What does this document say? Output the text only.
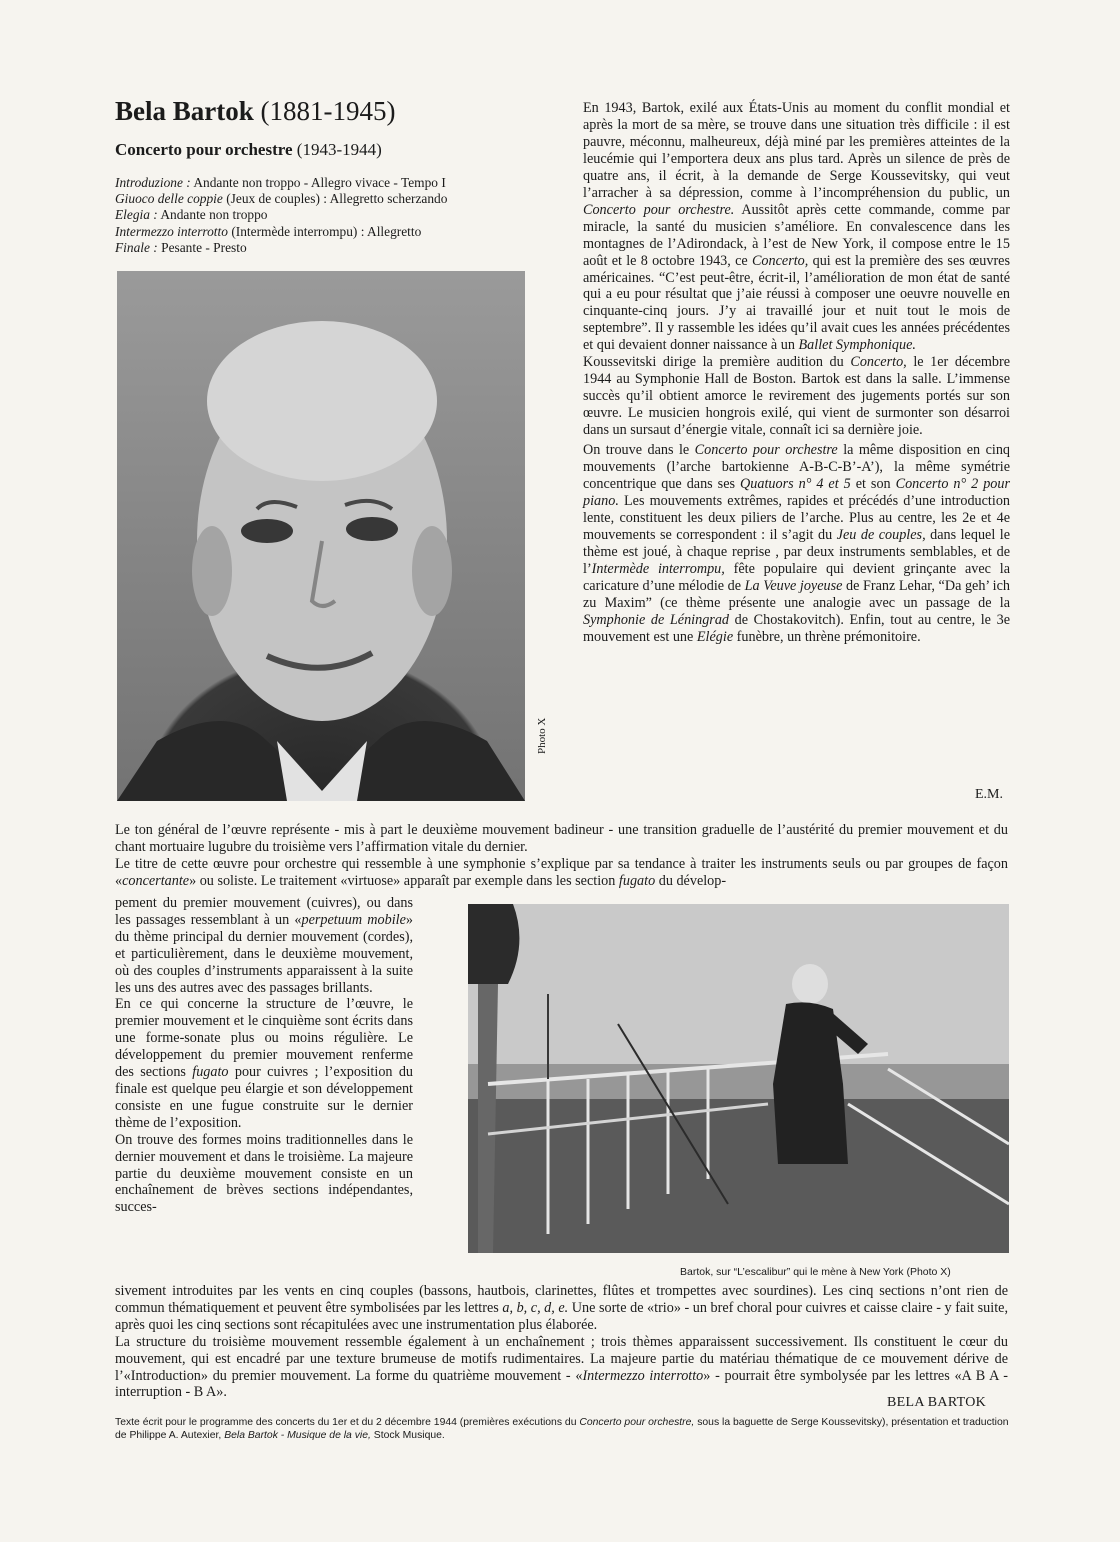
Bela Bartok (1881-1945)
Concerto pour orchestre (1943-1944)
Introduzione : Andante non troppo - Allegro vivace - Tempo I
Giuoco delle coppie (Jeux de couples) : Allegretto scherzando
Elegia : Andante non troppo
Intermezzo interrotto (Intermède interrompu) : Allegretto
Finale : Pesante - Presto
Photo X

En 1943, Bartok, exilé aux États-Unis au moment du conflit mondial et après la mort de sa mère, se trouve dans une situation très difficile : il est pauvre, méconnu, malheureux, déjà miné par les premières atteintes de la leucémie qui l’emportera deux ans plus tard. Après un silence de près de quatre ans, il écrit, à la demande de Serge Koussevitsky, qui veut l’arracher à sa dépression, comme à l’incompréhension du public, un Concerto pour orchestre. Aussitôt après cette commande, comme par miracle, la santé du musicien s’améliore. En convalescence dans les montagnes de l’Adirondack, à l’est de New York, il compose entre le 15 août et le 8 octobre 1943, ce Concerto, qui est la première des ses œuvres américaines. “C’est peut-être, écrit-il, l’amélioration de mon état de santé qui a eu pour résultat que j’aie réussi à composer une oeuvre nouvelle en cinquante-cinq jours. J’y ai travaillé jour et nuit tout le mois de septembre”. Il y rassemble les idées qu’il avait cues les années précédentes et qui devaient donner naissance à un Ballet Symphonique.

Koussevitski dirige la première audition du Concerto, le 1er décembre 1944 au Symphonie Hall de Boston. Bartok est dans la salle. L’immense succès qu’il obtient amorce le revirement des jugements portés sur son œuvre. Le musicien hongrois exilé, qui vient de surmonter son désarroi dans un sursaut d’énergie vitale, connaît ici sa dernière joie.

On trouve dans le Concerto pour orchestre la même disposition en cinq mouvements (l’arche bartokienne A-B-C-B’-A’), la même symétrie concentrique que dans ses Quatuors n° 4 et 5 et son Concerto n° 2 pour piano. Les mouvements extrêmes, rapides et précédés d’une introduction lente, constituent les deux piliers de l’arche. Plus au centre, les 2e et 4e mouvements se correspondent : il s’agit du Jeu de couples, dans lequel le thème est joué, à chaque reprise , par deux instruments semblables, et de l’Intermède interrompu, fête populaire qui devient grinçante avec la caricature d’une mélodie de La Veuve joyeuse de Franz Lehar, “Da geh’ ich zu Maxim” (ce thème présente une analogie avec un passage de la Symphonie de Léningrad de Chostakovitch). Enfin, tout au centre, le 3e mouvement est une Elégie funèbre, un thrène prémonitoire.

E.M.

Le ton général de l’œuvre représente - mis à part le deuxième mouvement badineur - une transition graduelle de l’austérité du premier mouvement et du chant mortuaire lugubre du troisième vers l’affirmation vitale du dernier.

Le titre de cette œuvre pour orchestre qui ressemble à une symphonie s’explique par sa tendance à traiter les instruments seuls ou par groupes de façon «concertante» ou soliste. Le traitement «virtuose» apparaît par exemple dans les section fugato du dévelop-

pement du premier mouvement (cuivres), ou dans les passages ressemblant à un «perpetuum mobile» du thème principal du dernier mouvement (cordes), et particulièrement, dans le deuxième mouvement, où des couples d’instruments apparaissent à la suite les uns des autres avec des passages brillants.

En ce qui concerne la structure de l’œuvre, le premier mouvement et le cinquième sont écrits dans une forme-sonate plus ou moins régulière. Le développement du premier mouvement renferme des sections fugato pour cuivres ; l’exposition du finale est quelque peu élargie et son développement consiste en une fugue construite sur le dernier thème de l’exposition.

On trouve des formes moins traditionnelles dans le dernier mouvement et dans le troisième. La majeure partie du deuxième mouvement consiste en un enchaînement de brèves sections indépendantes, succes-

Bartok, sur “L’escalibur” qui le mène à New York (Photo X)

sivement introduites par les vents en cinq couples (bassons, hautbois, clarinettes, flûtes et trompettes avec sourdines). Les cinq sections n’ont rien de commun thématiquement et peuvent être symbolisées par les lettres a, b, c, d, e. Une sorte de «trio» - un bref choral pour cuivres et caisse claire - y fait suite, après quoi les cinq sections sont récapitulées avec une instrumentation plus élaborée.

La structure du troisième mouvement ressemble également à un enchaînement ; trois thèmes apparaissent successivement. Ils constituent le cœur du mouvement, qui est encadré par une texture brumeuse de motifs rudimentaires. La majeure partie du matériau thématique de ce mouvement dérive de l’«Introduction» du premier mouvement. La forme du quatrième mouvement - «Intermezzo interrotto» - pourrait être symbolysée par les lettres «A B A - interruption - B A».

BELA BARTOK
Texte écrit pour le programme des concerts du 1er et du 2 décembre 1944 (premières exécutions du Concerto pour orchestre, sous la baguette de Serge Koussevitsky), présentation et traduction de Philippe A. Autexier, Bela Bartok - Musique de la vie, Stock Musique.
